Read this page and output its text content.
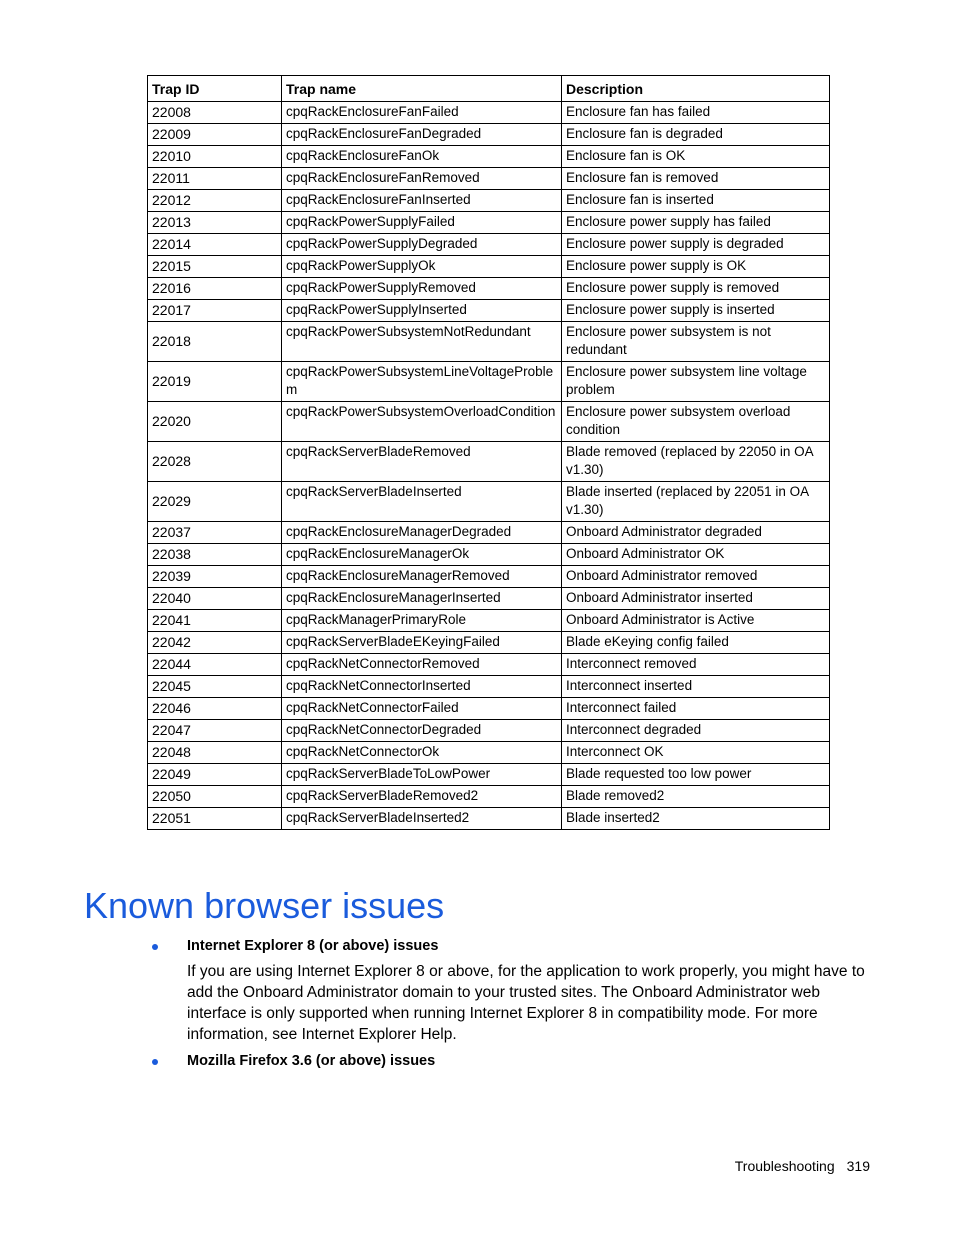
Trap ID	Trap name	Description
22008	cpqRackEnclosureFanFailed	Enclosure fan has failed
22009	cpqRackEnclosureFanDegraded	Enclosure fan is degraded
22010	cpqRackEnclosureFanOk	Enclosure fan is OK
22011	cpqRackEnclosureFanRemoved	Enclosure fan is removed
22012	cpqRackEnclosureFanInserted	Enclosure fan is inserted
22013	cpqRackPowerSupplyFailed	Enclosure power supply has failed
22014	cpqRackPowerSupplyDegraded	Enclosure power supply is degraded
22015	cpqRackPowerSupplyOk	Enclosure power supply is OK
22016	cpqRackPowerSupplyRemoved	Enclosure power supply is removed
22017	cpqRackPowerSupplyInserted	Enclosure power supply is inserted
22018	cpqRackPowerSubsystemNotRedundant	Enclosure power subsystem is not redundant
22019	cpqRackPowerSubsystemLineVoltageProblem	Enclosure power subsystem line voltage problem
22020	cpqRackPowerSubsystemOverloadCondition	Enclosure power subsystem overload condition
22028	cpqRackServerBladeRemoved	Blade removed (replaced by 22050 in OA v1.30)
22029	cpqRackServerBladeInserted	Blade inserted (replaced by 22051 in OA v1.30)
22037	cpqRackEnclosureManagerDegraded	Onboard Administrator degraded
22038	cpqRackEnclosureManagerOk	Onboard Administrator OK
22039	cpqRackEnclosureManagerRemoved	Onboard Administrator removed
22040	cpqRackEnclosureManagerInserted	Onboard Administrator inserted
22041	cpqRackManagerPrimaryRole	Onboard Administrator is Active
22042	cpqRackServerBladeEKeyingFailed	Blade eKeying config failed
22044	cpqRackNetConnectorRemoved	Interconnect removed
22045	cpqRackNetConnectorInserted	Interconnect inserted
22046	cpqRackNetConnectorFailed	Interconnect failed
22047	cpqRackNetConnectorDegraded	Interconnect degraded
22048	cpqRackNetConnectorOk	Interconnect OK
22049	cpqRackServerBladeToLowPower	Blade requested too low power
22050	cpqRackServerBladeRemoved2	Blade removed2
22051	cpqRackServerBladeInserted2	Blade inserted2
Known browser issues
Internet Explorer 8 (or above) issues

If you are using Internet Explorer 8 or above, for the application to work properly, you might have to add the Onboard Administrator domain to your trusted sites. The Onboard Administrator web interface is only supported when running Internet Explorer 8 in compatibility mode. For more information, see Internet Explorer Help.

Mozilla Firefox 3.6 (or above) issues
Troubleshooting 319
